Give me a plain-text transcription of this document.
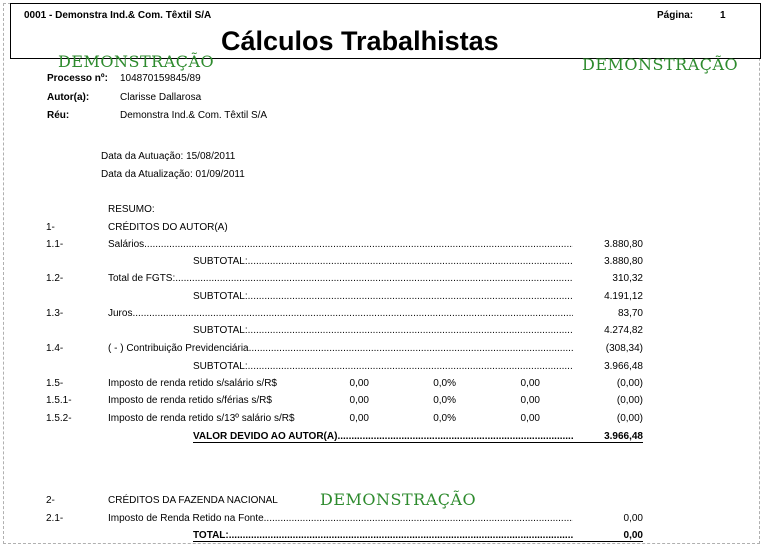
0001 - Demonstra Ind.& Com. Têxtil S/A	Página:	1
Cálculos Trabalhistas
DEMONSTRAÇÃO	DEMONSTRAÇÃO
DEMONSTRAÇÃO
Processo nº: 104870159845/89
Autor(a):	Clarisse Dallarosa
Réu:	Demonstra Ind.& Com. Têxtil S/A
Data da Autuação: 15/08/2011
Data da Atualização: 01/09/2011
RESUMO:
1-	CRÉDITOS DO AUTOR(A)
1.1-	Salários .....	3.880,80
SUBTOTAL: .....	3.880,80
1.2-	Total de FGTS: .....	310,32
SUBTOTAL: .....	4.191,12
1.3-	Juros .....	83,70
SUBTOTAL: .....	4.274,82
1.4-	( - ) Contribuição Previdenciária .....	(308,34)
SUBTOTAL: .....	3.966,48
1.5-	Imposto de renda retido s/salário s/R$	0,00	0,0%	0,00	(0,00)
1.5.1-	Imposto de renda retido s/férias s/R$	0,00	0,0%	0,00	(0,00)
1.5.2-	Imposto de renda retido s/13º salário s/R$	0,00	0,0%	0,00	(0,00)
VALOR DEVIDO AO AUTOR(A) .....	3.966,48
2-	CRÉDITOS DA FAZENDA NACIONAL
2.1-	Imposto de Renda Retido na Fonte .....	0,00
TOTAL: .....	0,00
